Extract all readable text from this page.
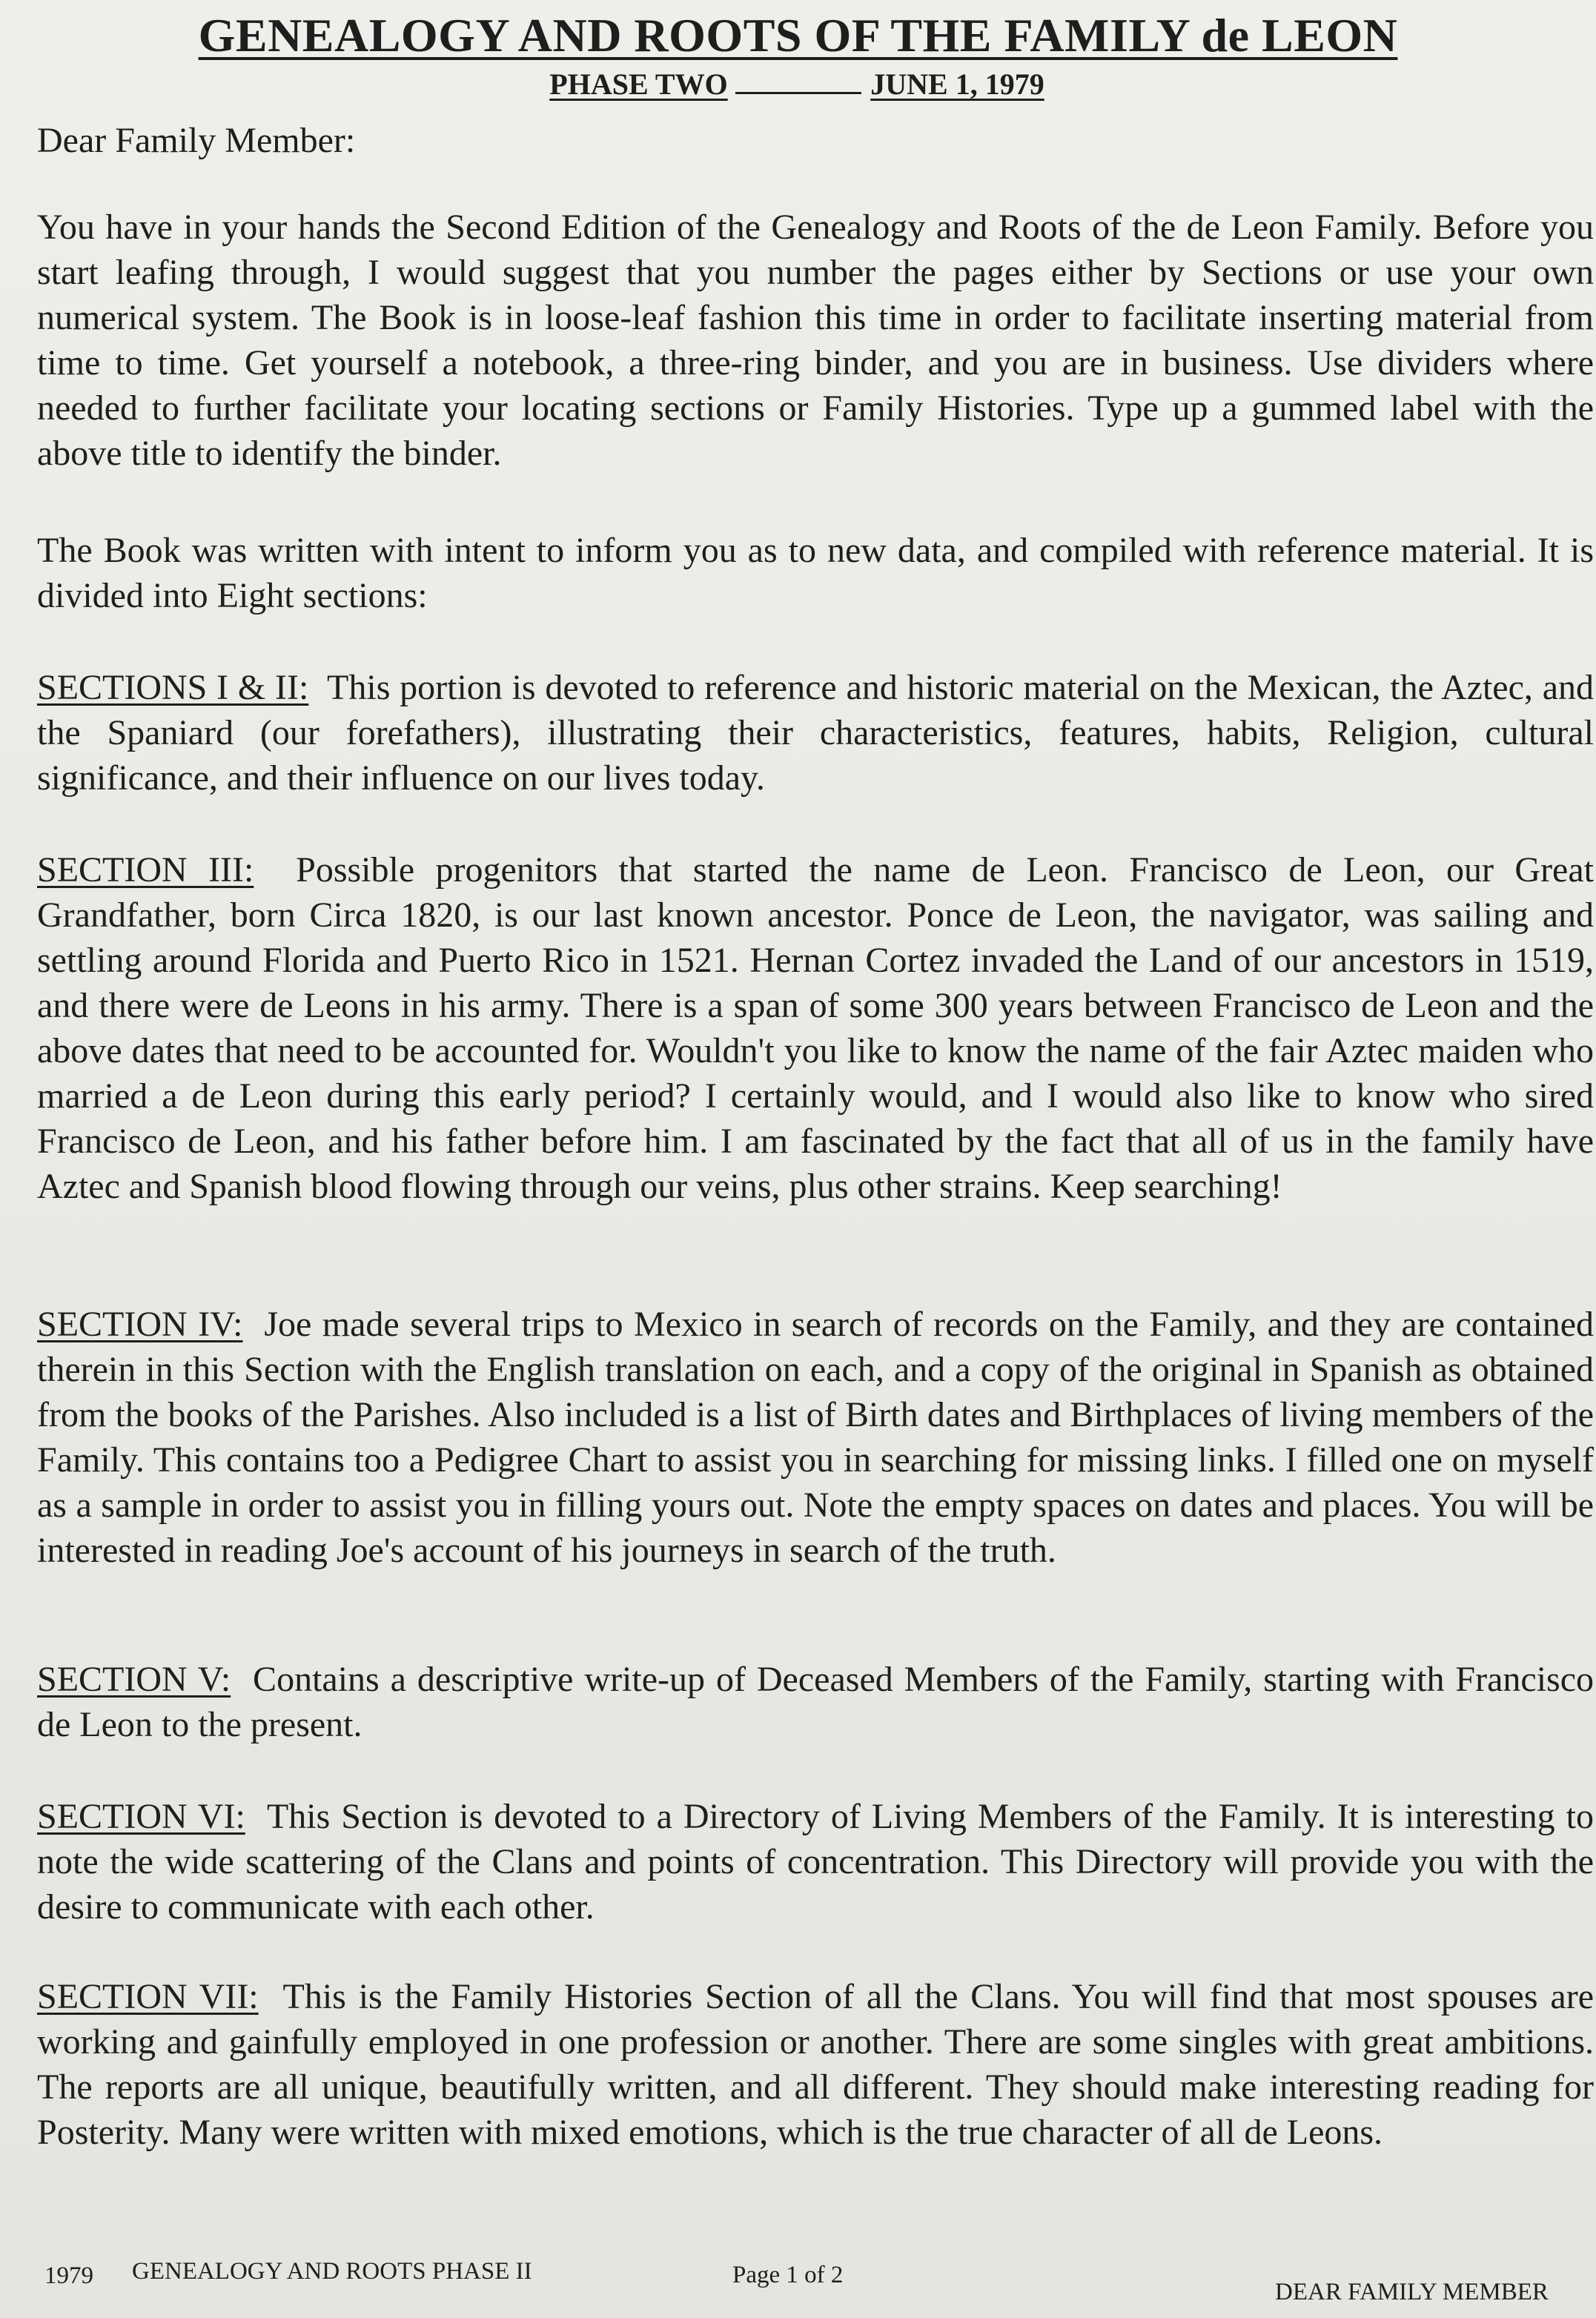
GENEALOGY AND ROOTS OF THE FAMILY de LEON
PHASE TWO	JUNE 1, 1979
Dear Family Member:

You have in your hands the Second Edition of the Genealogy and Roots of the de Leon Family. Before you start leafing through, I would suggest that you number the pages either by Sections or use your own numerical system. The Book is in loose-leaf fashion this time in order to facilitate inserting material from time to time. Get yourself a notebook, a three-ring binder, and you are in business. Use dividers where needed to further facilitate your locating sections or Family Histories. Type up a gummed label with the above title to identify the binder.

The Book was written with intent to inform you as to new data, and compiled with reference material. It is divided into Eight sections:

SECTIONS I & II: This portion is devoted to reference and historic material on the Mexican, the Aztec, and the Spaniard (our forefathers), illustrating their characteristics, features, habits, Religion, cultural significance, and their influence on our lives today.

SECTION III: Possible progenitors that started the name de Leon. Francisco de Leon, our Great Grandfather, born Circa 1820, is our last known ancestor. Ponce de Leon, the navigator, was sailing and settling around Florida and Puerto Rico in 1521. Hernan Cortez invaded the Land of our ancestors in 1519, and there were de Leons in his army. There is a span of some 300 years between Francisco de Leon and the above dates that need to be accounted for. Wouldn't you like to know the name of the fair Aztec maiden who married a de Leon during this early period? I certainly would, and I would also like to know who sired Francisco de Leon, and his father before him. I am fascinated by the fact that all of us in the family have Aztec and Spanish blood flowing through our veins, plus other strains. Keep searching!

SECTION IV: Joe made several trips to Mexico in search of records on the Family, and they are contained therein in this Section with the English translation on each, and a copy of the original in Spanish as obtained from the books of the Parishes. Also included is a list of Birth dates and Birthplaces of living members of the Family. This contains too a Pedigree Chart to assist you in searching for missing links. I filled one on myself as a sample in order to assist you in filling yours out. Note the empty spaces on dates and places. You will be interested in reading Joe's account of his journeys in search of the truth.

SECTION V: Contains a descriptive write-up of Deceased Members of the Family, starting with Francisco de Leon to the present.

SECTION VI: This Section is devoted to a Directory of Living Members of the Family. It is interesting to note the wide scattering of the Clans and points of concentration. This Directory will provide you with the desire to communicate with each other.

SECTION VII: This is the Family Histories Section of all the Clans. You will find that most spouses are working and gainfully employed in one profession or another. There are some singles with great ambitions. The reports are all unique, beautifully written, and all different. They should make interesting reading for Posterity. Many were written with mixed emotions, which is the true character of all de Leons.

1979 GENEALOGY AND ROOTS PHASE II	Page 1 of 2
DEAR FAMILY MEMBER
